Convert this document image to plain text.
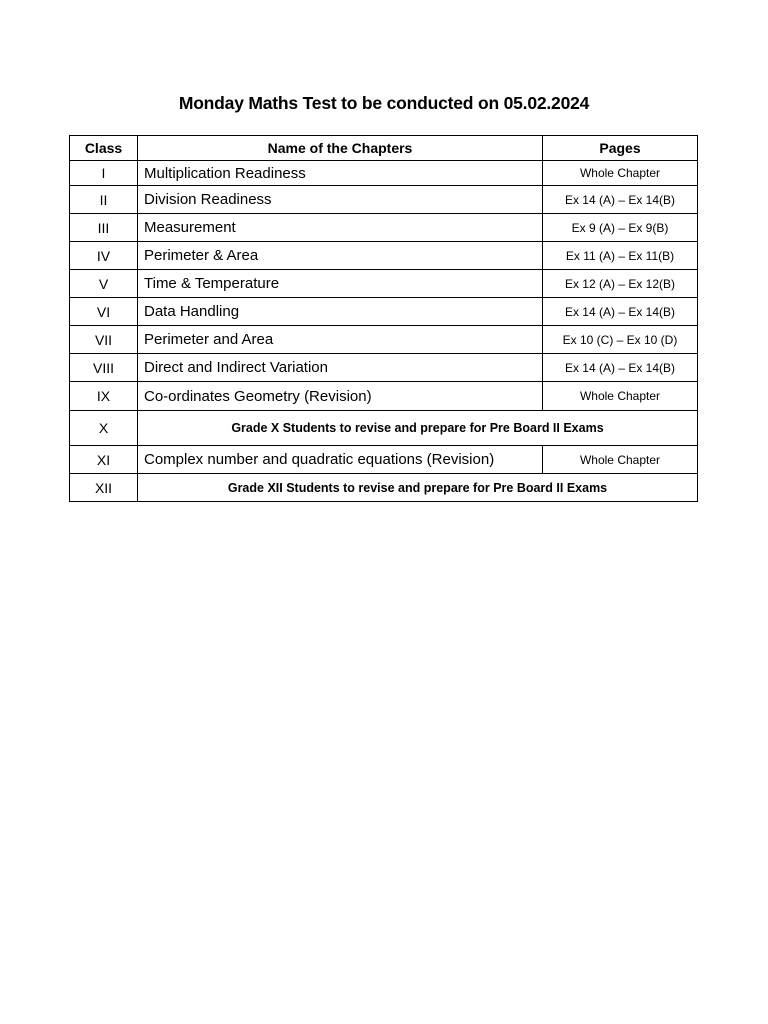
Monday Maths Test to be conducted on 05.02.2024
Class	Name of the Chapters	Pages
I	Multiplication Readiness	Whole Chapter
II	Division Readiness	Ex 14 (A) – Ex 14(B)
III	Measurement	Ex 9 (A) – Ex 9(B)
IV	Perimeter & Area	Ex 11 (A) – Ex 11(B)
V	Time & Temperature	Ex 12 (A) – Ex 12(B)
VI	Data Handling	Ex 14 (A) – Ex 14(B)
VII	Perimeter and Area	Ex 10 (C) – Ex 10 (D)
VIII	Direct and Indirect Variation	Ex 14 (A) – Ex 14(B)
IX	Co-ordinates Geometry (Revision)	Whole Chapter
X	Grade X Students to revise and prepare for Pre Board II Exams	
XI	Complex number and quadratic equations (Revision)	Whole Chapter
XII	Grade XII Students to revise and prepare for Pre Board II Exams	
